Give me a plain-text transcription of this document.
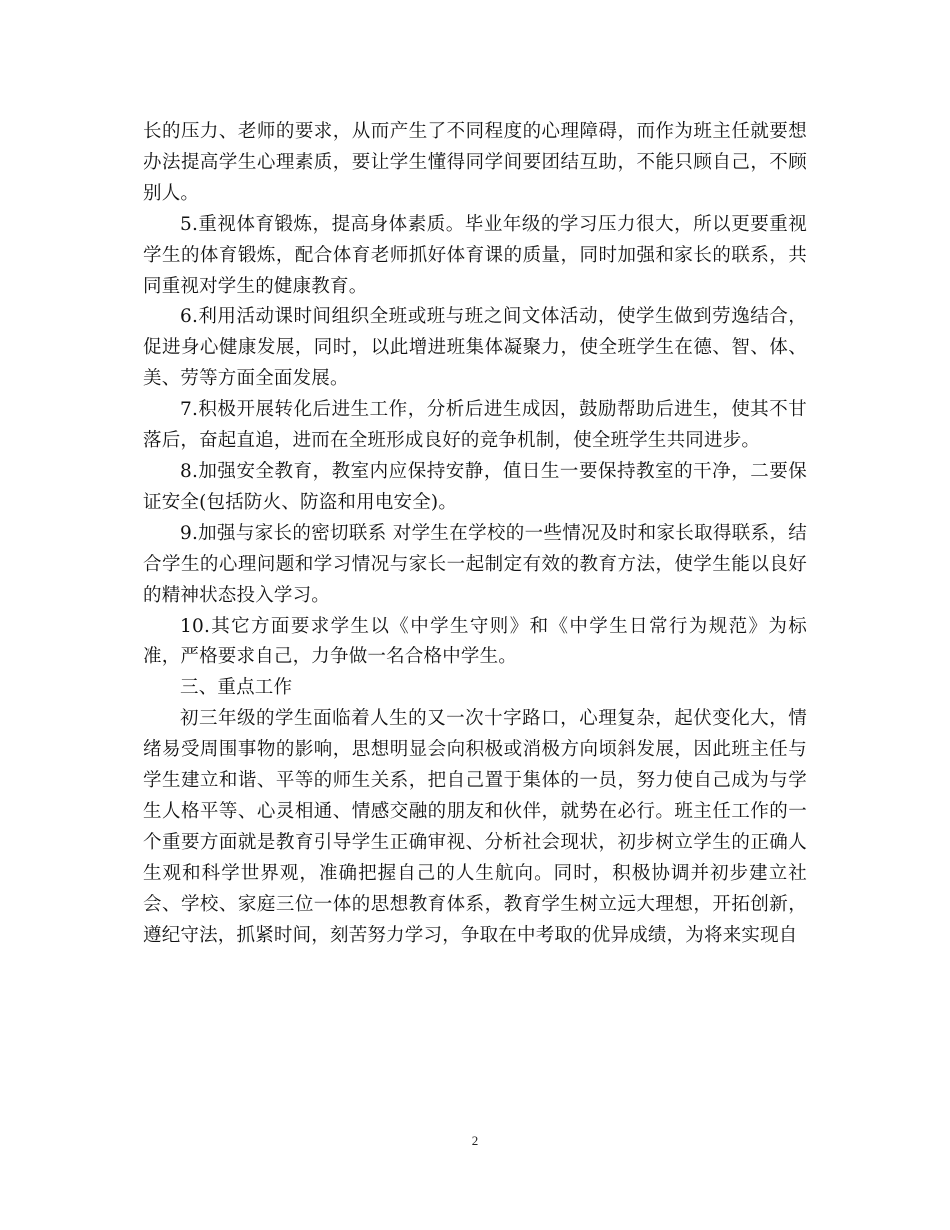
长的压力、老师的要求，从而产生了不同程度的心理障碍，而作为班主任就要想办法提高学生心理素质，要让学生懂得同学间要团结互助，不能只顾自己，不顾别人。

5.重视体育锻炼，提高身体素质。毕业年级的学习压力很大，所以更要重视学生的体育锻炼，配合体育老师抓好体育课的质量，同时加强和家长的联系，共同重视对学生的健康教育。

6.利用活动课时间组织全班或班与班之间文体活动，使学生做到劳逸结合，促进身心健康发展，同时，以此增进班集体凝聚力，使全班学生在德、智、体、美、劳等方面全面发展。

7.积极开展转化后进生工作，分析后进生成因，鼓励帮助后进生，使其不甘落后，奋起直追，进而在全班形成良好的竞争机制，使全班学生共同进步。

8.加强安全教育，教室内应保持安静，值日生一要保持教室的干净，二要保证安全(包括防火、防盗和用电安全)。

9.加强与家长的密切联系 对学生在学校的一些情况及时和家长取得联系，结合学生的心理问题和学习情况与家长一起制定有效的教育方法，使学生能以良好的精神状态投入学习。

10.其它方面要求学生以《中学生守则》和《中学生日常行为规范》为标准，严格要求自己，力争做一名合格中学生。

三、重点工作

初三年级的学生面临着人生的又一次十字路口，心理复杂，起伏变化大，情绪易受周围事物的影响，思想明显会向积极或消极方向顷斜发展，因此班主任与学生建立和谐、平等的师生关系，把自己置于集体的一员，努力使自己成为与学生人格平等、心灵相通、情感交融的朋友和伙伴，就势在必行。班主任工作的一个重要方面就是教育引导学生正确审视、分析社会现状，初步树立学生的正确人生观和科学世界观，准确把握自己的人生航向。同时，积极协调并初步建立社会、学校、家庭三位一体的思想教育体系，教育学生树立远大理想，开拓创新，遵纪守法，抓紧时间，刻苦努力学习，争取在中考取的优异成绩，为将来实现自

2
